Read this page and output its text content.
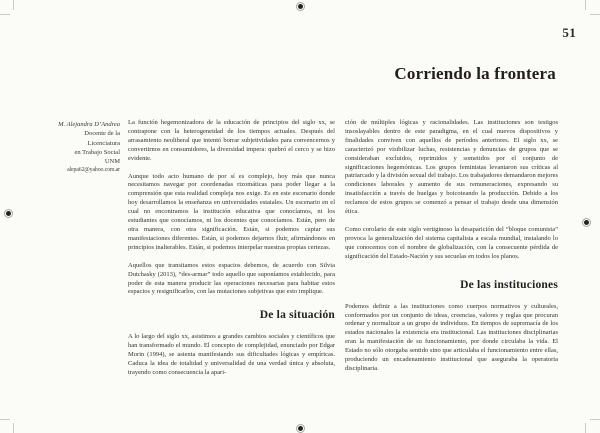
51
Corriendo la frontera
M. Alejandra D’Andrea
Docente de la
Licenciatura
en Trabajo Social
UNM
alepa62@yahoo.com.ar

La función hegemonizadora de la educación de principios del siglo xx, se contrapone con la heterogeneidad de los tiempos actuales. Después del arrasamiento neoliberal que intentó borrar subjetividades para convencernos y convertirnos en consumidores, la diversidad impera: quebró el cerco y se hizo evidente.

Aunque todo acto humano de por sí es complejo, hoy más que nunca necesitamos navegar por coordenadas rizomáticas para poder llegar a la comprensión que esta realidad compleja nos exige. Es en este escenario donde hoy desarrollamos la enseñanza en universidades estatales. Un escenario en el cual no encontramos la institución educativa que conocíamos, ni los estudiantes que conocíamos, ni los docentes que conocíamos. Están, pero de otra manera, con otra significación. Están, si podemos captar sus manifestaciones diferentes. Están, si podemos dejarnos fluir, afirmándonos en principios inalterables. Están, si podemos interpelar nuestras propias certezas.

Aquellos que transitamos estos espacios debemos, de acuerdo con Silvia Dutchasky (2013), “des-armar” todo aquello que suponíamos establecido, para poder de esta manera producir las operaciones necesarias para habitar estos espacios y resignificarlos, con las mutaciones subjetivas que esto implique.

De la situación

A lo largo del siglo xx, asistimos a grandes cambios sociales y científicos que han transformado el mundo. El concepto de complejidad, enunciado por Edgar Morin (1994), se asienta manifestando sus dificultades lógicas y empíricas. Caduca la idea de totalidad y universalidad de una verdad única y absoluta, trayendo como consecuencia la apari-

ción de múltiples lógicas y racionalidades. Las instituciones son testigos insoslayables dentro de este paradigma, en el cual nuevos dispositivos y finalidades conviven con aquellos de períodos anteriores. El siglo xx, se caracterizó por visibilizar luchas, resistencias y denuncias de grupos que se consideraban excluidos, reprimidos y sometidos por el conjunto de significaciones hegemónicas. Los grupos feministas levantaron sus críticas al patriarcado y la división sexual del trabajo. Los trabajadores demandaron mejores condiciones laborales y aumento de sus remuneraciones, expresando su insatisfacción a través de huelgas y boicoteando la producción. Debido a los reclamos de estos grupos se comenzó a pensar el trabajo desde una dimensión ética.

Como corolario de este siglo vertiginoso la desaparición del “bloque comunista” provoca la generalización del sistema capitalista a escala mundial, instalando lo que conocemos con el nombre de globalización, con la consecuente pérdida de significación del Estado-Nación y sus secuelas en todos los planos.

De las instituciones

Podemos definir a las instituciones como cuerpos normativos y culturales, conformados por un conjunto de ideas, creencias, valores y reglas que procuran ordenar y normalizar a un grupo de individuos. En tiempos de supremacía de los estados nacionales la existencia era institucional. Las instituciones disciplinarias eran la manifestación de su funcionamiento, por donde circulaba la vida. El Estado no sólo otorgaba sentido sino que articulaba el funcionamiento entre ellas, produciendo un encadenamiento institucional que aseguraba la operatoria disciplinaria.
